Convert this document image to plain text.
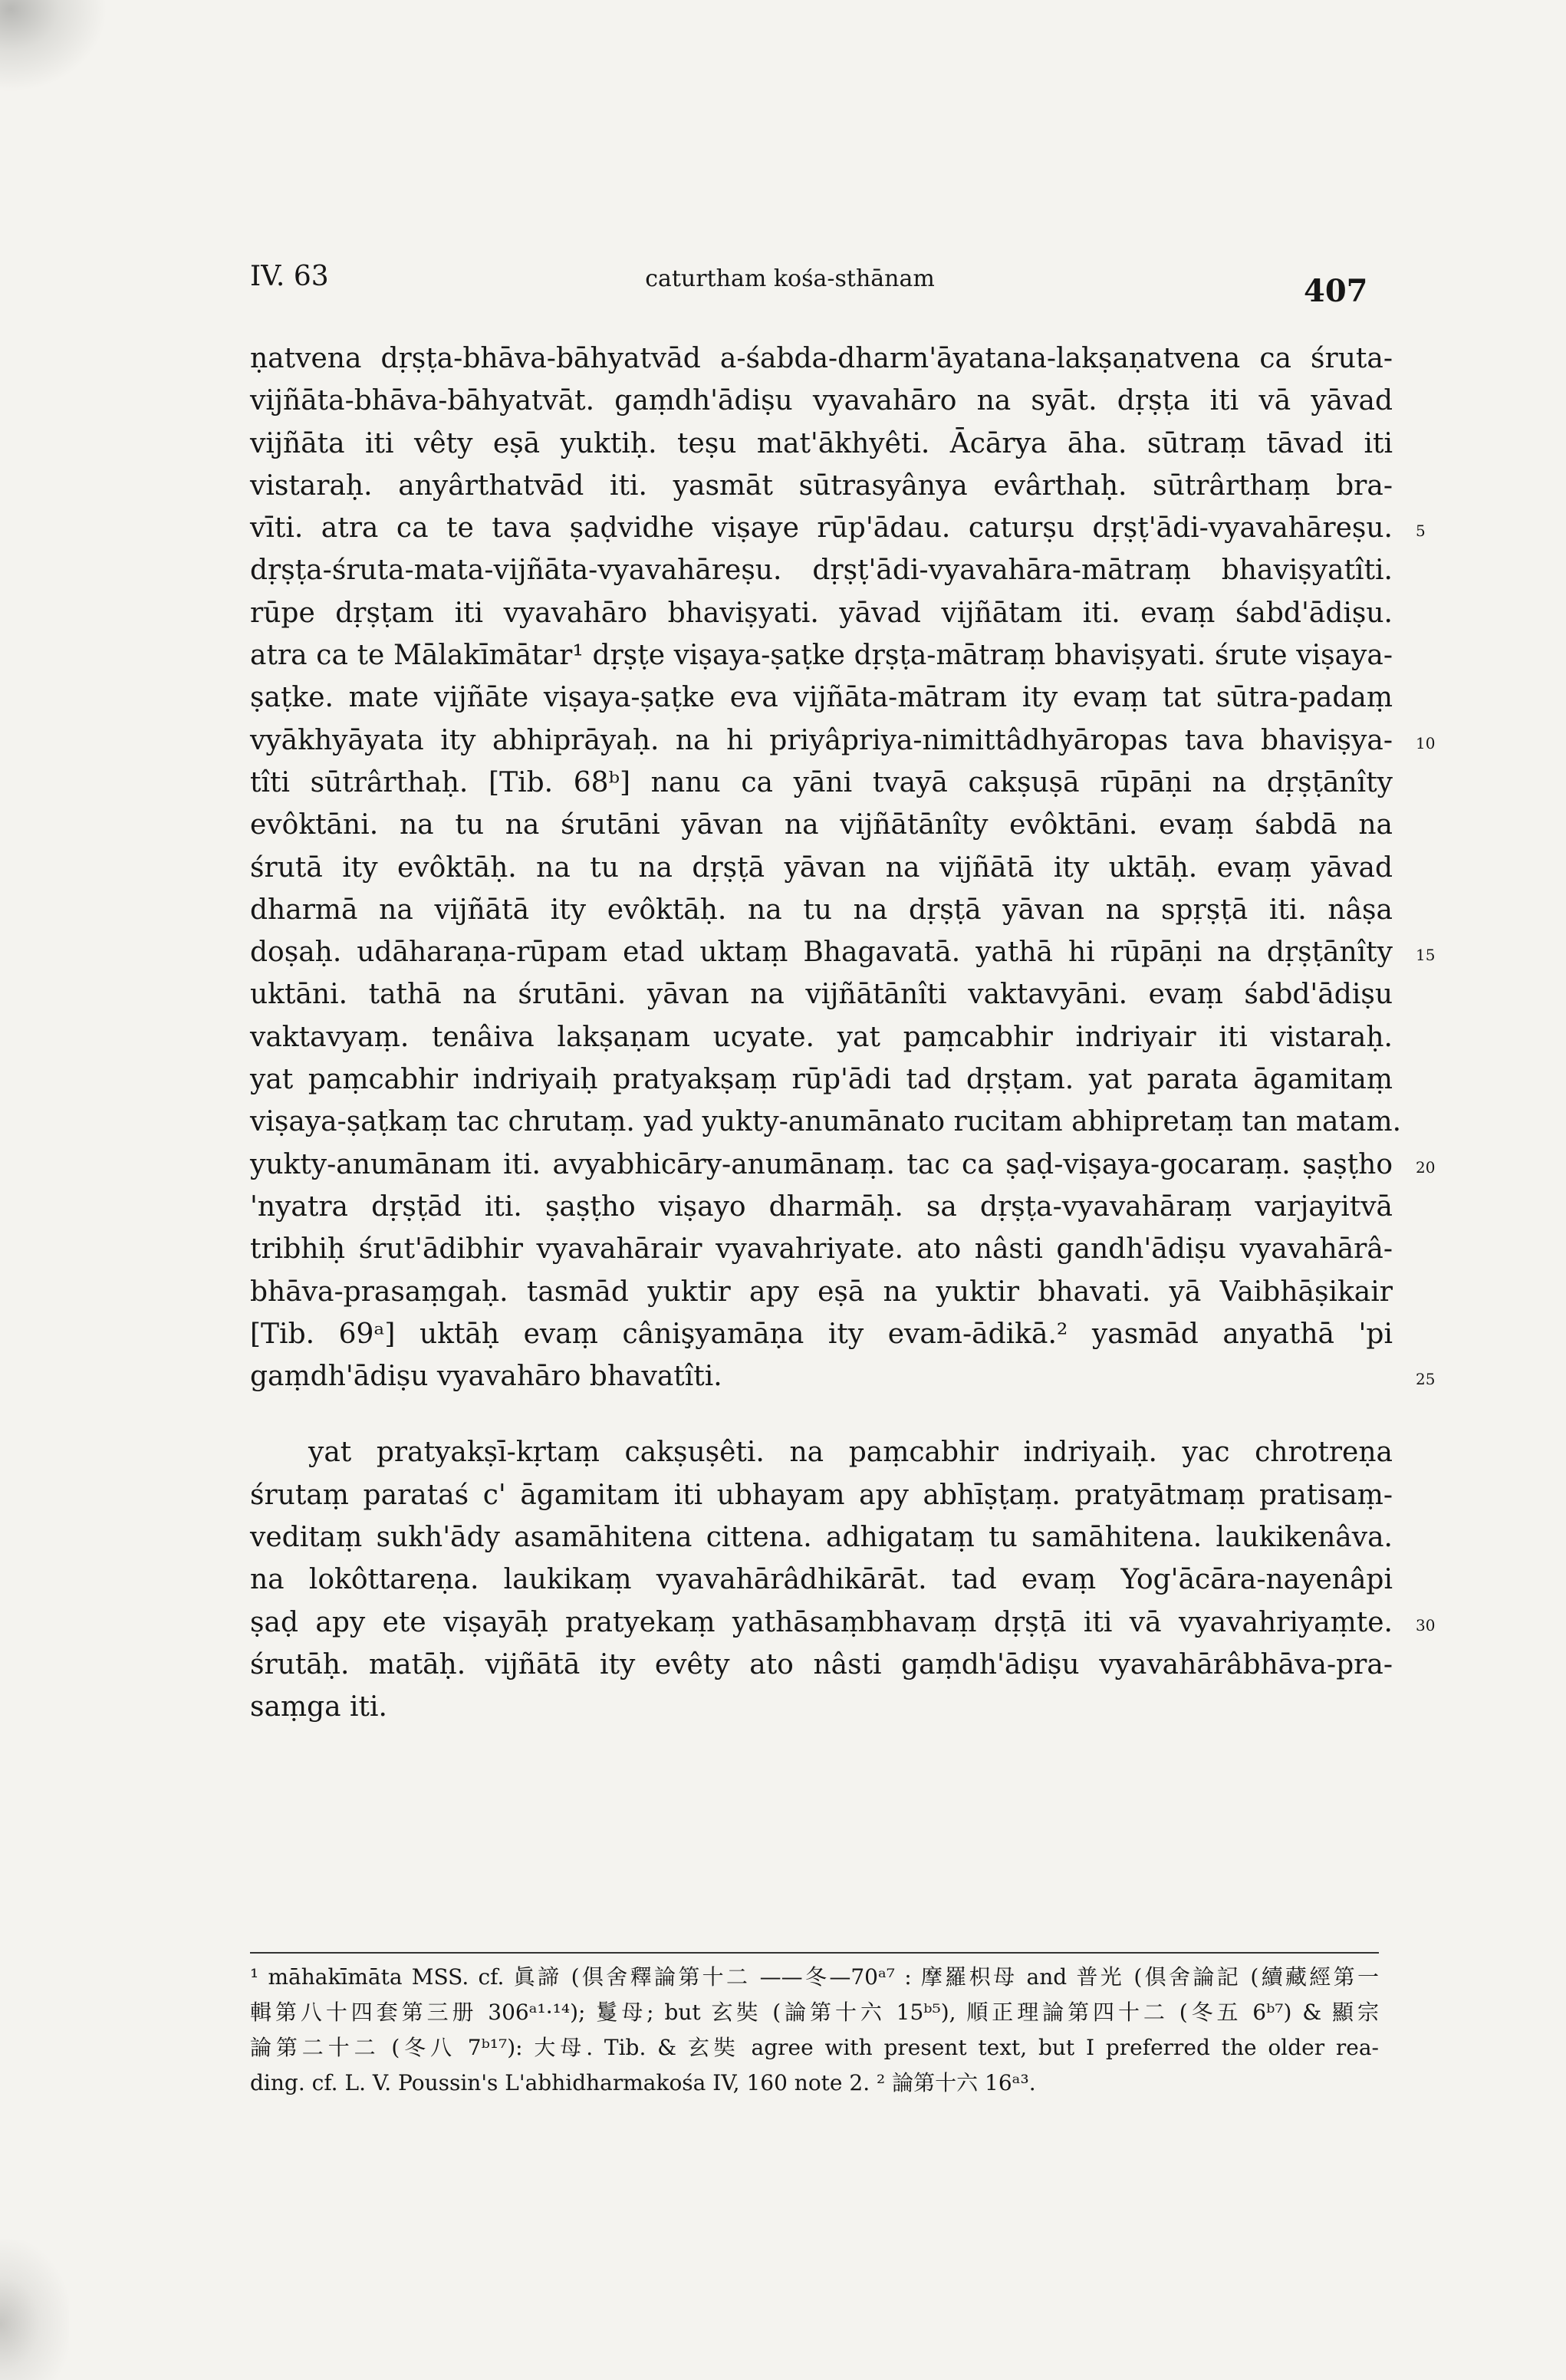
IV. 63	caturtham kośa-sthānam	407
ṇatvena dṛṣṭa-bhāva-bāhyatvād a-śabda-dharm'āyatana-lakṣaṇatvena ca śruta-
vijñāta-bhāva-bāhyatvāt. gaṃdh'ādiṣu vyavahāro na syāt. dṛṣṭa iti vā yāvad
vijñāta iti vêty eṣā yuktiḥ. teṣu mat'ākhyêti. Ācārya āha. sūtraṃ tāvad iti
vistaraḥ. anyârthatvād iti. yasmāt sūtrasyânya evârthaḥ. sūtrârthaṃ bra-
vīti. atra ca te tava ṣaḍvidhe viṣaye rūp'ādau. caturṣu dṛṣṭ'ādi-vyavahāreṣu. 5
dṛṣṭa-śruta-mata-vijñāta-vyavahāreṣu. dṛṣṭ'ādi-vyavahāra-mātraṃ bhaviṣyatîti.
rūpe dṛṣṭam iti vyavahāro bhaviṣyati. yāvad vijñātam iti. evaṃ śabd'ādiṣu.
atra ca te Mālakīmātar¹ dṛṣṭe viṣaya-ṣaṭke dṛṣṭa-mātraṃ bhaviṣyati. śrute viṣaya-
ṣaṭke. mate vijñāte viṣaya-ṣaṭke eva vijñāta-mātram ity evaṃ tat sūtra-padaṃ
vyākhyāyata ity abhiprāyaḥ. na hi priyâpriya-nimittâdhyāropas tava bhaviṣya- 10
tîti sūtrârthaḥ. [Tib. 68ᵇ] nanu ca yāni tvayā cakṣuṣā rūpāṇi na dṛṣṭānîty
evôktāni. na tu na śrutāni yāvan na vijñātānîty evôktāni. evaṃ śabdā na
śrutā ity evôktāḥ. na tu na dṛṣṭā yāvan na vijñātā ity uktāḥ. evaṃ yāvad
dharmā na vijñātā ity evôktāḥ. na tu na dṛṣṭā yāvan na spṛṣṭā iti. nâṣa
doṣaḥ. udāharaṇa-rūpam etad uktaṃ Bhagavatā. yathā hi rūpāṇi na dṛṣṭānîty 15
uktāni. tathā na śrutāni. yāvan na vijñātānîti vaktavyāni. evaṃ śabd'ādiṣu
vaktavyaṃ. tenâiva lakṣaṇam ucyate. yat paṃcabhir indriyair iti vistaraḥ.
yat paṃcabhir indriyaiḥ pratyakṣaṃ rūp'ādi tad dṛṣṭam. yat parata āgamitaṃ
viṣaya-ṣaṭkaṃ tac chrutaṃ. yad yukty-anumānato rucitam abhipretaṃ tan matam.
yukty-anumānam iti. avyabhicāry-anumānaṃ. tac ca ṣaḍ-viṣaya-gocaraṃ. ṣaṣṭho 20
'nyatra dṛṣṭād iti. ṣaṣṭho viṣayo dharmāḥ. sa dṛṣṭa-vyavahāraṃ varjayitvā
tribhiḥ śrut'ādibhir vyavahārair vyavahriyate. ato nâsti gandh'ādiṣu vyavahārâ-
bhāva-prasaṃgaḥ. tasmād yuktir apy eṣā na yuktir bhavati. yā Vaibhāṣikair
[Tib. 69ᵃ] uktāḥ evaṃ cânişyamāṇa ity evam-ādikā.² yasmād anyathā 'pi
gaṃdh'ādiṣu vyavahāro bhavatîti.	25
yat pratyakṣī-kṛtaṃ cakṣuṣêti. na paṃcabhir indriyaiḥ. yac chrotreṇa
śrutaṃ parataś c' āgamitam iti ubhayam apy abhīṣṭaṃ. pratyātmaṃ pratisaṃ-
veditaṃ sukh'ādy asamāhitena cittena. adhigataṃ tu samāhitena. laukikenâva.
na lokôttareṇa. laukikaṃ vyavahārâdhikārāt. tad evaṃ Yog'ācāra-nayenâpi
ṣaḍ apy ete viṣayāḥ pratyekaṃ yathāsaṃbhavaṃ dṛṣṭā iti vā vyavahriyaṃte. 30
śrutāḥ. matāḥ. vijñātā ity evêty ato nâsti gaṃdh'ādiṣu vyavahārâbhāva-pra-
saṃga iti.
¹ māhakīmāta MSS. cf. 眞諦 (倶舍釋論第十二 ——冬—70ᵃ⁷ : 摩羅枳母 and 普光 (倶舍論記 (續藏經第一
輯第八十四套第三册 306ᵃ¹·¹⁴); 鬘母; but 玄奘 (論第十六 15ᵇ⁵), 順正理論第四十二 (冬五 6ᵇ⁷) & 顯宗
論第二十二 (冬八 7ᵇ¹⁷): 大母. Tib. & 玄奘 agree with present text, but I preferred the older rea-
ding. cf. L. V. Poussin's L'abhidharmakośa IV, 160 note 2. ² 論第十六 16ᵃ³.
